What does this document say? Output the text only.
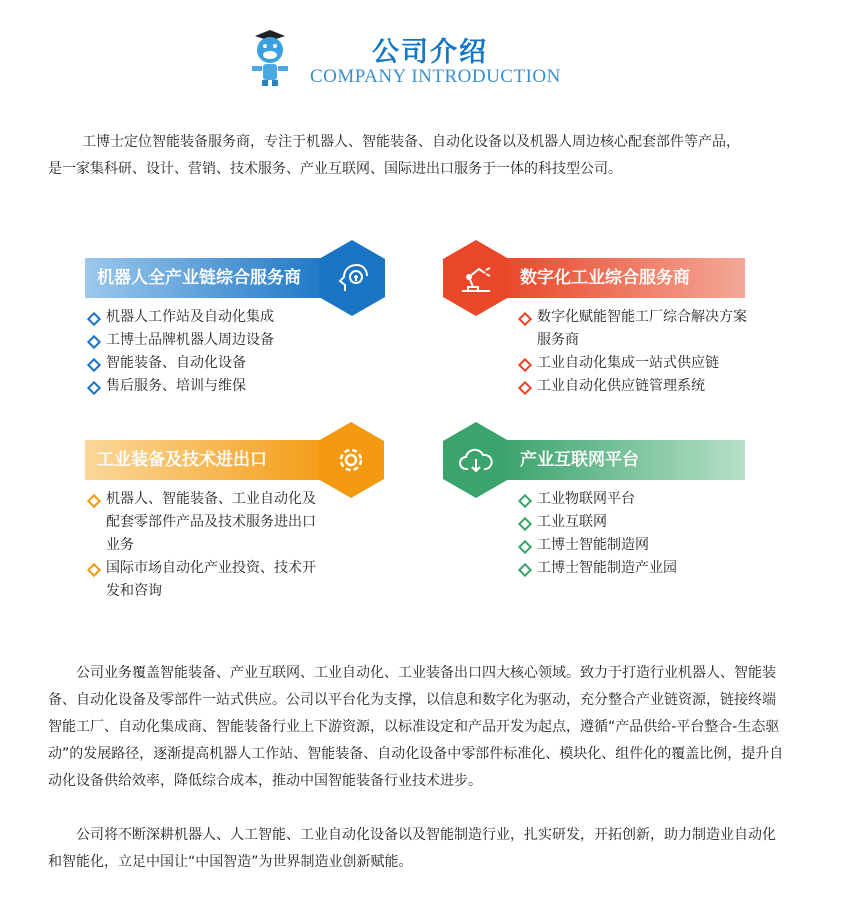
公司介绍
COMPANY INTRODUCTION
工博士定位智能装备服务商，专注于机器人、智能装备、自动化设备以及机器人周边核心配套部件等产品，
是一家集科研、设计、营销、技术服务、产业互联网、国际进出口服务于一体的科技型公司。
机器人全产业链综合服务商
机器人工作站及自动化集成
工博士品牌机器人周边设备
智能装备、自动化设备
售后服务、培训与维保
数字化工业综合服务商
数字化赋能智能工厂综合解决方案服务商
工业自动化集成一站式供应链
工业自动化供应链管理系统
工业装备及技术进出口
机器人、智能装备、工业自动化及配套零部件产品及技术服务进出口业务
国际市场自动化产业投资、技术开发和咨询
产业互联网平台
工业物联网平台
工业互联网
工博士智能制造网
工博士智能制造产业园
　　公司业务覆盖智能装备、产业互联网、工业自动化、工业装备出口四大核心领域。致力于打造行业机器人、智能装备、自动化设备及零部件一站式供应。公司以平台化为支撑，以信息和数字化为驱动，充分整合产业链资源，链接终端智能工厂、自动化集成商、智能装备行业上下游资源，以标准设定和产品开发为起点，遵循“产品供给-平台整合-生态驱动”的发展路径，逐渐提高机器人工作站、智能装备、自动化设备中零部件标准化、模块化、组件化的覆盖比例，提升自动化设备供给效率，降低综合成本，推动中国智能装备行业技术进步。
　　公司将不断深耕机器人、人工智能、工业自动化设备以及智能制造行业，扎实研发，开拓创新，助力制造业自动化和智能化，立足中国让“中国智造”为世界制造业创新赋能。
